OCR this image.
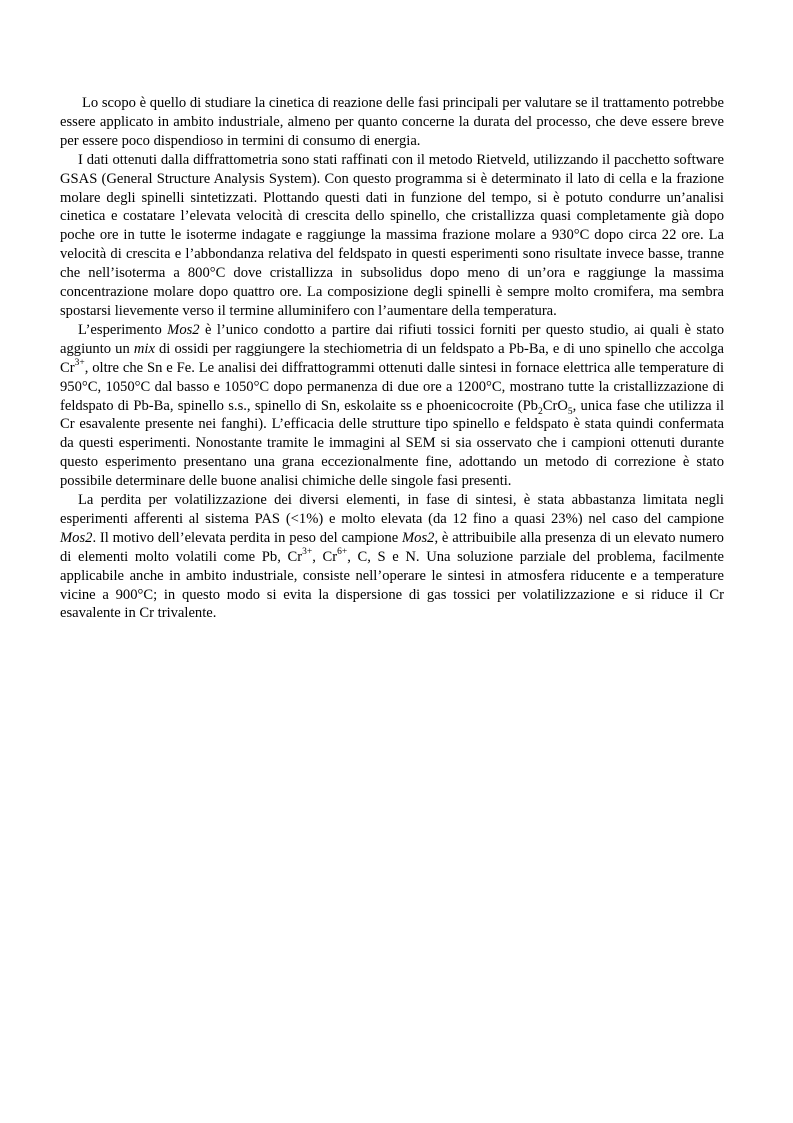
Lo scopo è quello di studiare la cinetica di reazione delle fasi principali per valutare se il trattamento potrebbe essere applicato in ambito industriale, almeno per quanto concerne la durata del processo, che deve essere breve per essere poco dispendioso in termini di consumo di energia.

I dati ottenuti dalla diffrattometria sono stati raffinati con il metodo Rietveld, utilizzando il pacchetto software GSAS (General Structure Analysis System). Con questo programma si è determinato il lato di cella e la frazione molare degli spinelli sintetizzati. Plottando questi dati in funzione del tempo, si è potuto condurre un’analisi cinetica e costatare l’elevata velocità di crescita dello spinello, che cristallizza quasi completamente già dopo poche ore in tutte le isoterme indagate e raggiunge la massima frazione molare a 930°C dopo circa 22 ore. La velocità di crescita e l’abbondanza relativa del feldspato in questi esperimenti sono risultate invece basse, tranne che nell’isoterma a 800°C dove cristallizza in subsolidus dopo meno di un’ora e raggiunge la massima concentrazione molare dopo quattro ore. La composizione degli spinelli è sempre molto cromifera, ma sembra spostarsi lievemente verso il termine alluminifero con l’aumentare della temperatura.

L’esperimento Mos2 è l’unico condotto a partire dai rifiuti tossici forniti per questo studio, ai quali è stato aggiunto un mix di ossidi per raggiungere la stechiometria di un feldspato a Pb-Ba, e di uno spinello che accolga $Cr^{3+}$, oltre che Sn e Fe. Le analisi dei diffrattogrammi ottenuti dalle sintesi in fornace elettrica alle temperature di 950°C, 1050°C dal basso e 1050°C dopo permanenza di due ore a 1200°C, mostrano tutte la cristallizzazione di feldspato di Pb-Ba, spinello s.s., spinello di Sn, eskolaite ss e phoenicocroite ($Pb_2CrO_5$, unica fase che utilizza il Cr esavalente presente nei fanghi). L’efficacia delle strutture tipo spinello e feldspato è stata quindi confermata da questi esperimenti. Nonostante tramite le immagini al SEM si sia osservato che i campioni ottenuti durante questo esperimento presentano una grana eccezionalmente fine, adottando un metodo di correzione è stato possibile determinare delle buone analisi chimiche delle singole fasi presenti.

La perdita per volatilizzazione dei diversi elementi, in fase di sintesi, è stata abbastanza limitata negli esperimenti afferenti al sistema PAS (<1%) e molto elevata (da 12 fino a quasi 23%) nel caso del campione Mos2. Il motivo dell’elevata perdita in peso del campione Mos2, è attribuibile alla presenza di un elevato numero di elementi molto volatili come Pb, $Cr^{3+}$, $Cr^{6+}$, C, S e N. Una soluzione parziale del problema, facilmente applicabile anche in ambito industriale, consiste nell’operare le sintesi in atmosfera riducente e a temperature vicine a 900°C; in questo modo si evita la dispersione di gas tossici per volatilizzazione e si riduce il Cr esavalente in Cr trivalente.
